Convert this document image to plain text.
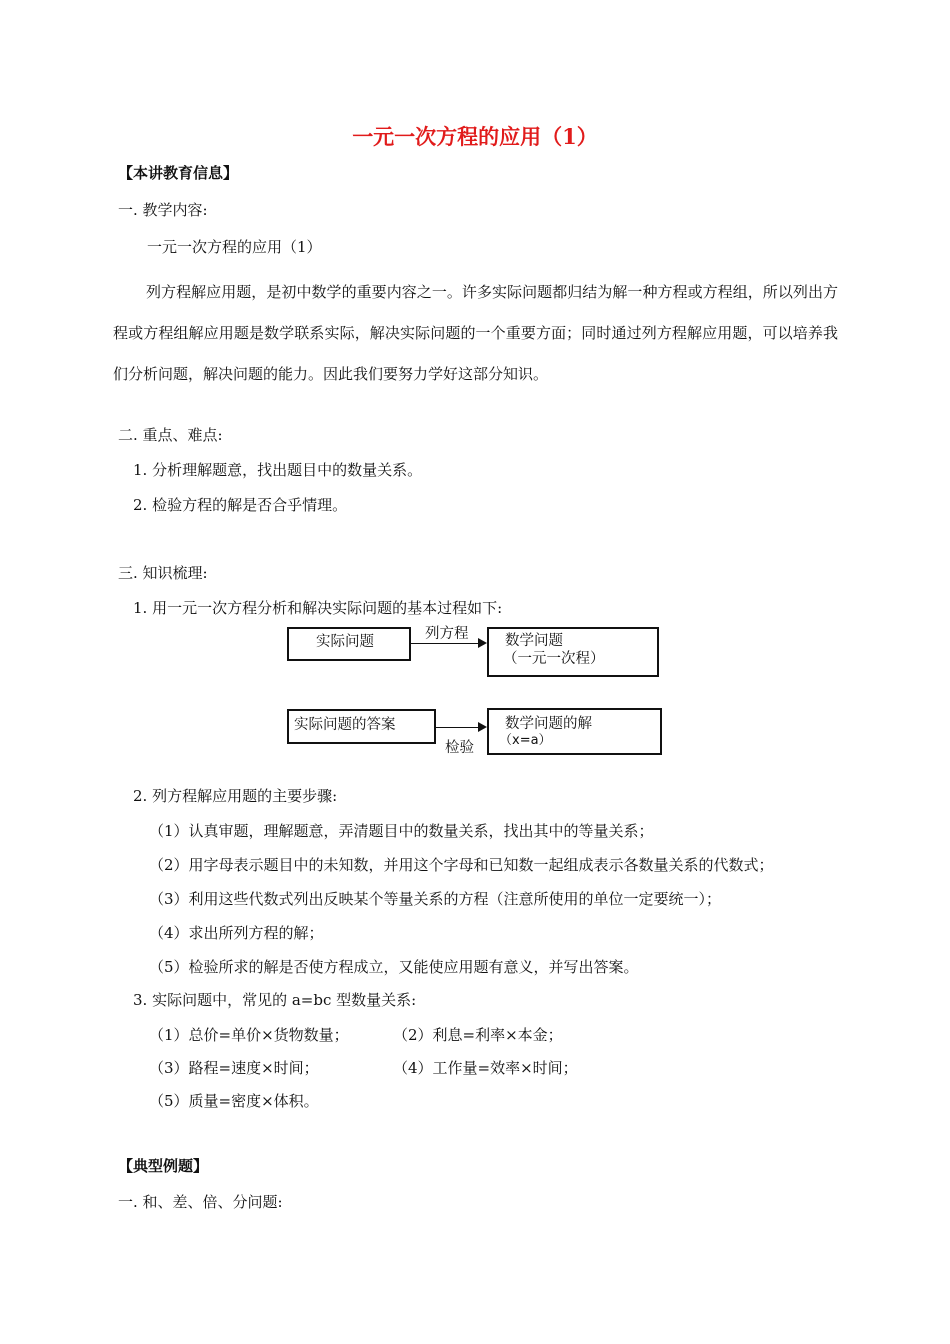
一元一次方程的应用（1）
【本讲教育信息】
一. 教学内容:
一元一次方程的应用（1）
列方程解应用题，是初中数学的重要内容之一。许多实际问题都归结为解一种方程或方程组，所以列出方程或方程组解应用题是数学联系实际，解决实际问题的一个重要方面；同时通过列方程解应用题，可以培养我们分析问题，解决问题的能力。因此我们要努力学好这部分知识。
二. 重点、难点:
1. 分析理解题意，找出题目中的数量关系。
2. 检验方程的解是否合乎情理。
三. 知识梳理:
1. 用一元一次方程分析和解决实际问题的基本过程如下:
实际问题	列方程	数学问题
（一元一次程）
实际问题的答案
检验
数学问题的解
（x=a）
2. 列方程解应用题的主要步骤:
（1）认真审题，理解题意，弄清题目中的数量关系，找出其中的等量关系；
（2）用字母表示题目中的未知数，并用这个字母和已知数一起组成表示各数量关系的代数式；
（3）利用这些代数式列出反映某个等量关系的方程（注意所使用的单位一定要统一）；
（4）求出所列方程的解；
（5）检验所求的解是否使方程成立，又能使应用题有意义，并写出答案。
3. 实际问题中，常见的 a=bc 型数量关系:
（1）总价=单价×货物数量；	（2）利息=利率×本金；
（3）路程=速度×时间；	（4）工作量=效率×时间；
（5）质量=密度×体积。
【典型例题】
一. 和、差、倍、分问题:
